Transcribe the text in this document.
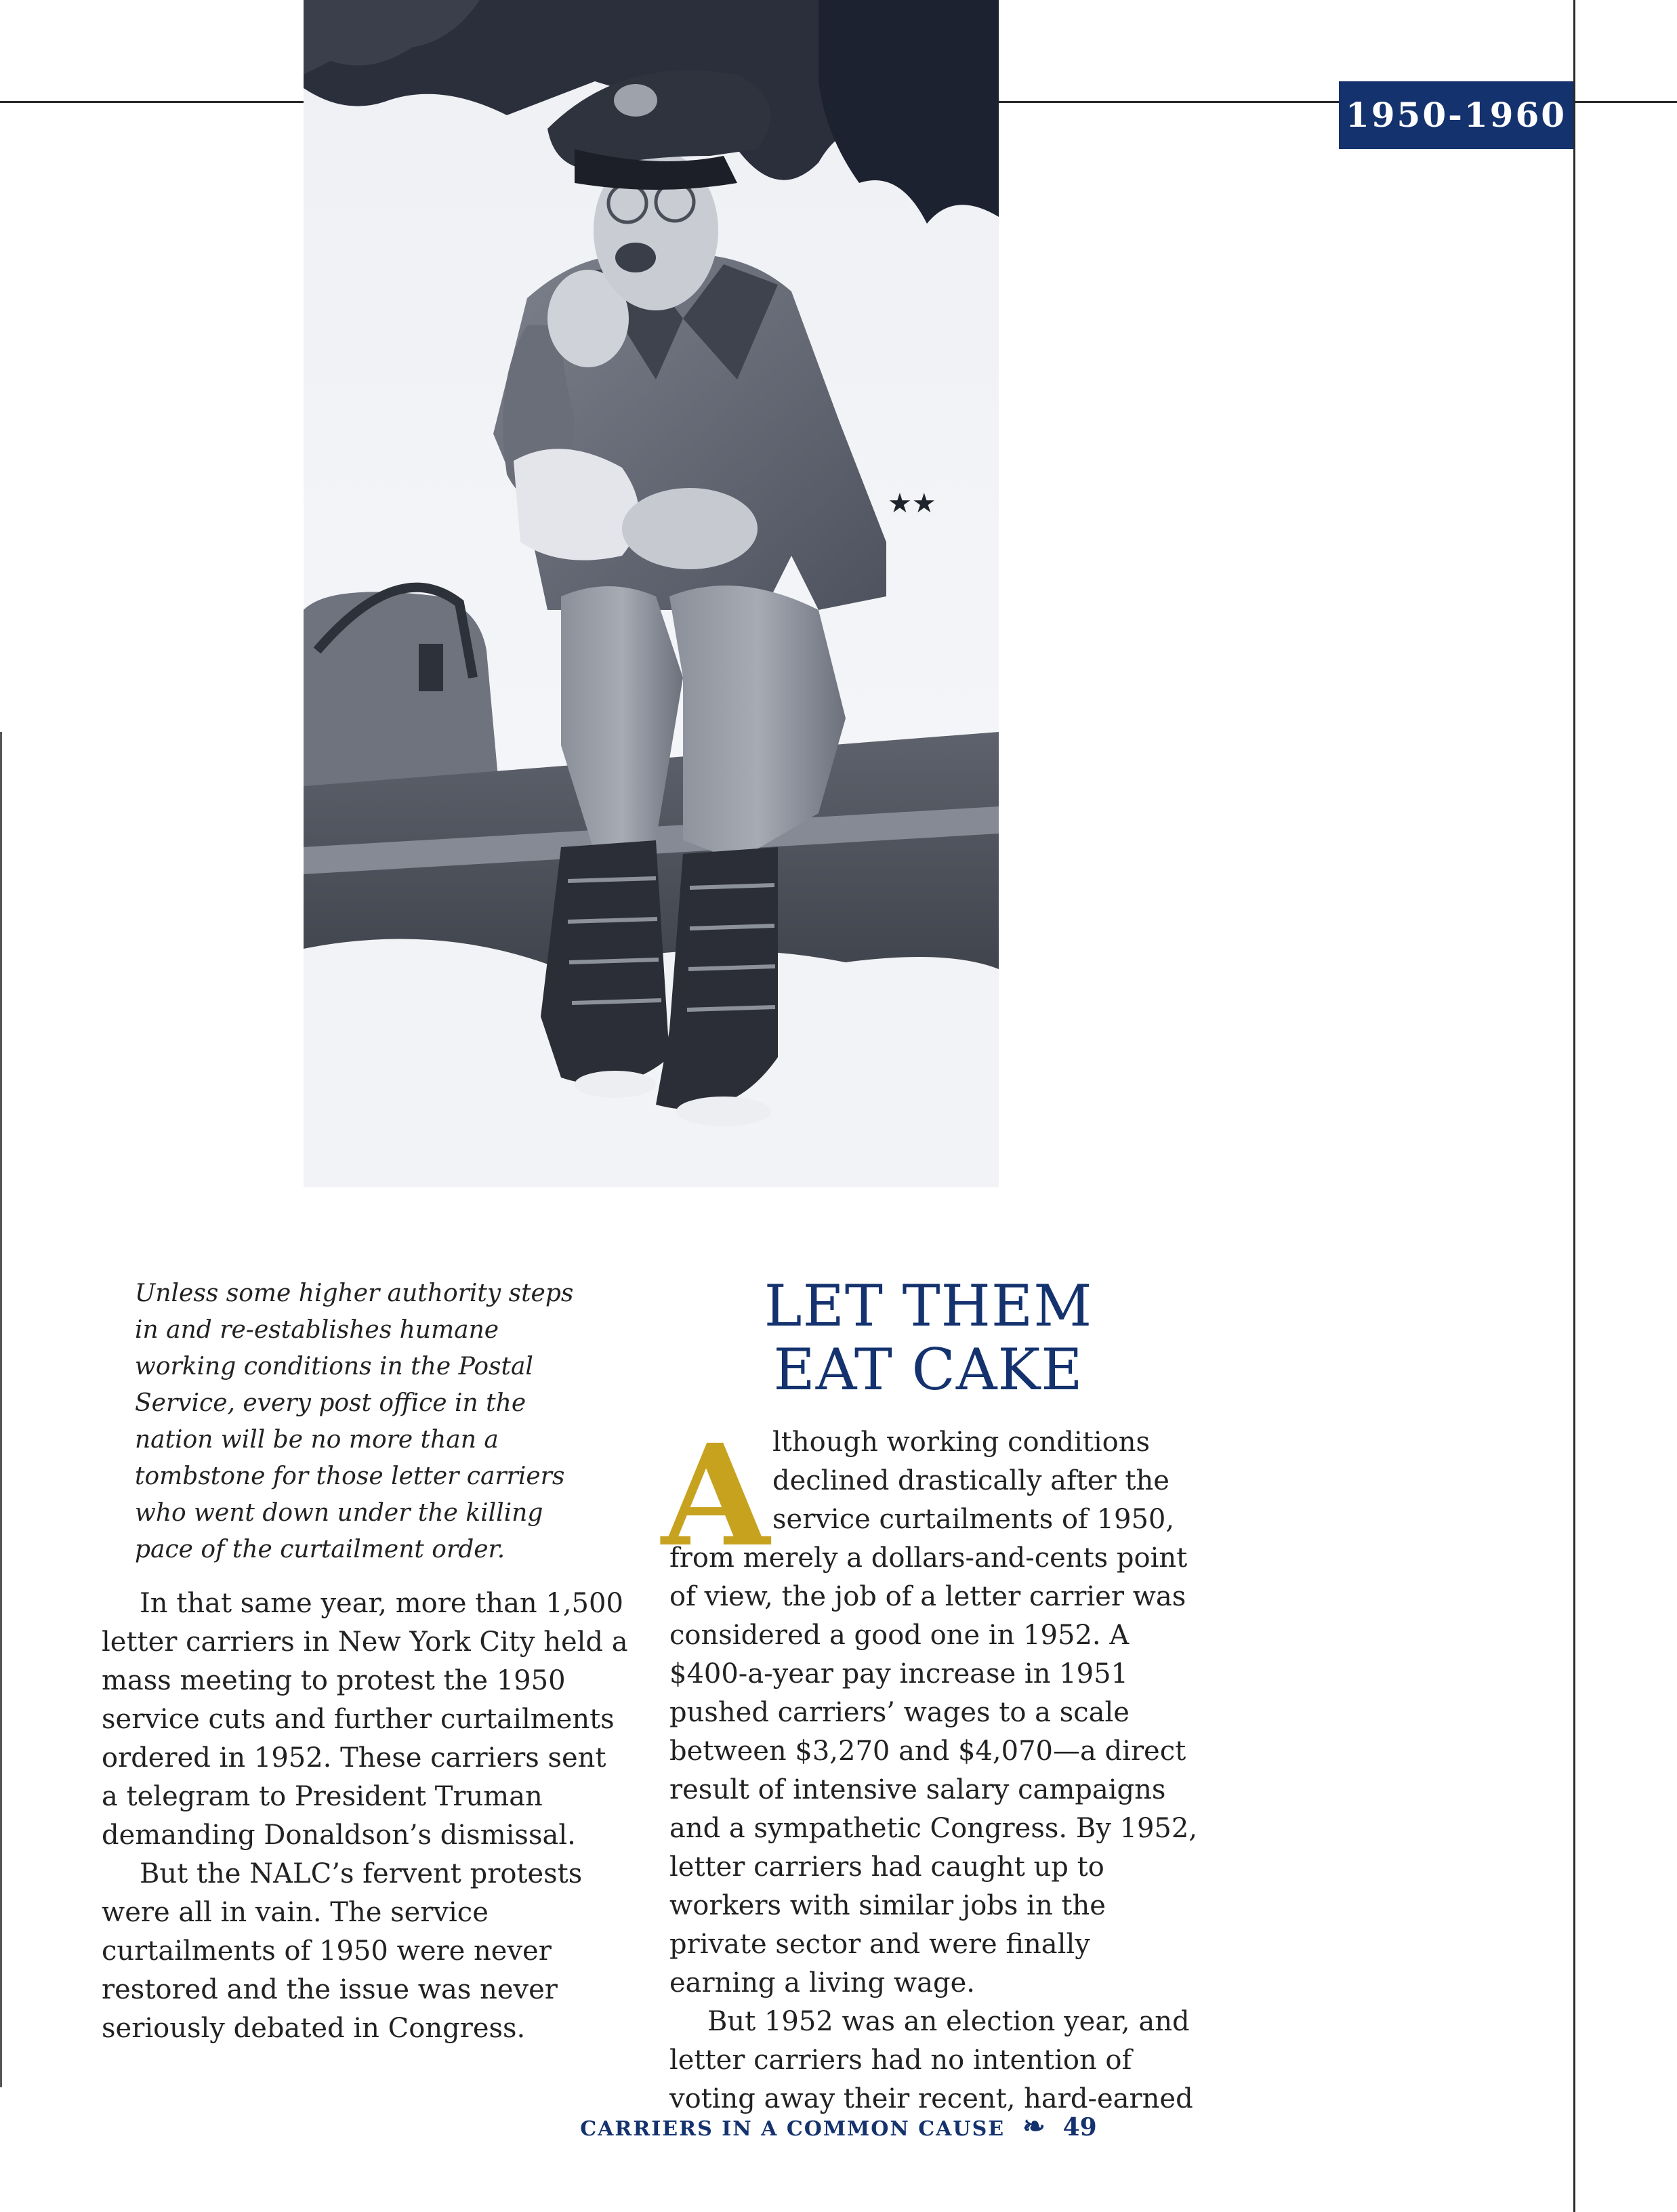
1950-1960
★★
Unless some higher authority steps in and re-establishes humane working conditions in the Postal Service, every post office in the nation will be no more than a tombstone for those letter carriers who went down under the killing pace of the curtailment order.

In that same year, more than 1,500 letter carriers in New York City held a mass meeting to protest the 1950 service cuts and further curtailments ordered in 1952. These carriers sent a telegram to President Truman demanding Donaldson’s dismissal.

But the NALC’s fervent protests were all in vain. The service curtailments of 1950 were never restored and the issue was never seriously debated in Congress.

LET THEM
EAT CAKE
A lthough working conditions
declined drastically after the
service curtailments of 1950,

from merely a dollars-and-cents point of view, the job of a letter carrier was considered a good one in 1952. A $400-a-year pay increase in 1951 pushed carriers’ wages to a scale between $3,270 and $4,070—a direct result of intensive salary campaigns and a sympathetic Congress. By 1952, letter carriers had caught up to workers with similar jobs in the private sector and were finally earning a living wage.

But 1952 was an election year, and letter carriers had no intention of voting away their recent, hard-earned

CARRIERS IN A COMMON CAUSE ❧ 49
